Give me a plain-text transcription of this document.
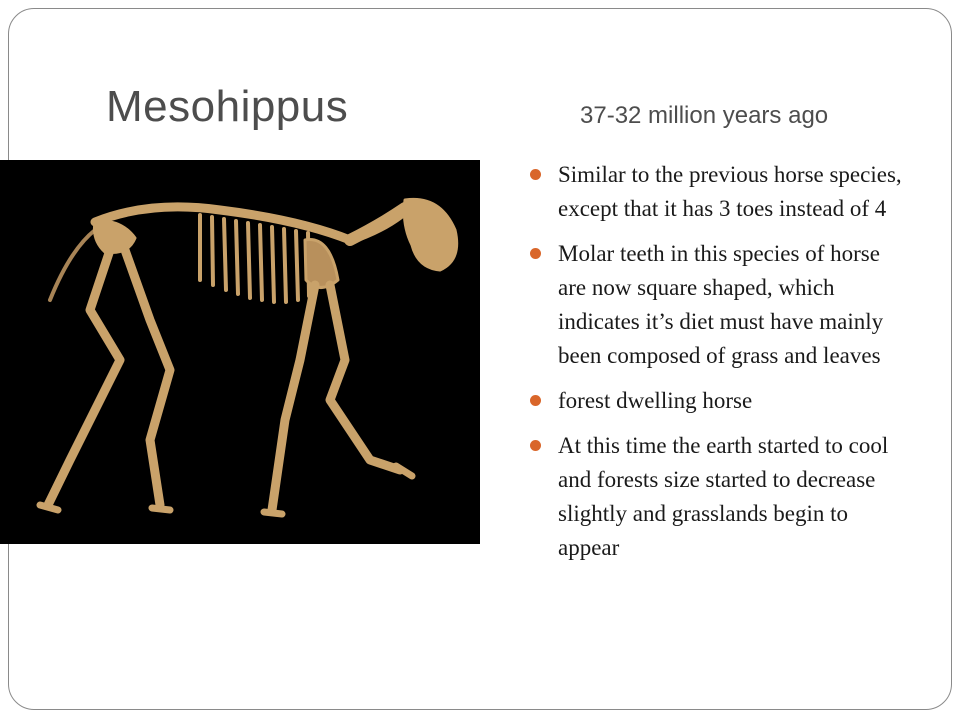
Mesohippus	37-32 million years ago
Similar to the previous horse species, except that it has 3 toes instead of 4
Molar teeth in this species of horse are now square shaped, which indicates it’s diet must have mainly been composed of grass and leaves
forest dwelling horse
At this time the earth started to cool and forests size started to decrease slightly and grasslands begin to appear
